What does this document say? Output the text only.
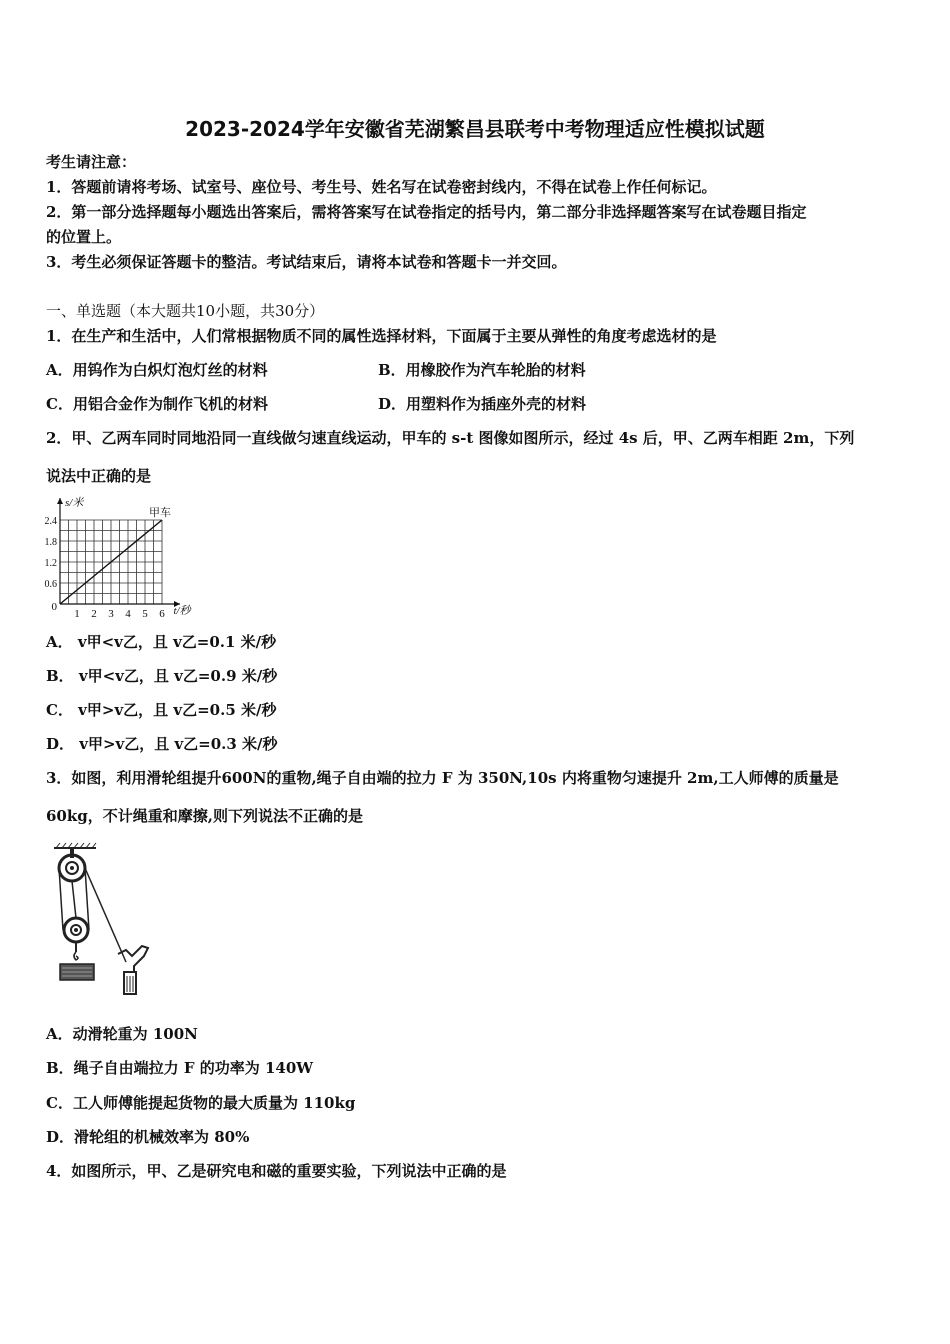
2023-2024学年安徽省芜湖繁昌县联考中考物理适应性模拟试题
考生请注意：
1．答题前请将考场、试室号、座位号、考生号、姓名写在试卷密封线内，不得在试卷上作任何标记。
2．第一部分选择题每小题选出答案后，需将答案写在试卷指定的括号内，第二部分非选择题答案写在试卷题目指定
的位置上。
3．考生必须保证答题卡的整洁。考试结束后，请将本试卷和答题卡一并交回。
一、单选题（本大题共10小题，共30分）
1．在生产和生活中，人们常根据物质不同的属性选择材料，下面属于主要从弹性的角度考虑选材的是
A．用钨作为白炽灯泡灯丝的材料	B．用橡胶作为汽车轮胎的材料
C．用铝合金作为制作飞机的材料	D．用塑料作为插座外壳的材料
2．甲、乙两车同时同地沿同一直线做匀速直线运动，甲车的 s-t 图像如图所示，经过 4s 后，甲、乙两车相距 2m，下列
说法中正确的是
1 2 3 4 5 6
0.6
1.2
1.8
2.4
0	t/秒
s/米
甲车
A． v甲<v乙，且 v乙=0.1 米/秒
B． v甲<v乙，且 v乙=0.9 米/秒
C． v甲>v乙，且 v乙=0.5 米/秒
D． v甲>v乙，且 v乙=0.3 米/秒
3．如图，利用滑轮组提升600N的重物,绳子自由端的拉力 F 为 350N,10s 内将重物匀速提升 2m,工人师傅的质量是
60kg，不计绳重和摩擦,则下列说法不正确的是
A．动滑轮重为 100N
B．绳子自由端拉力 F 的功率为 140W
C．工人师傅能提起货物的最大质量为 110kg
D．滑轮组的机械效率为 80%
4．如图所示，甲、乙是研究电和磁的重要实验，下列说法中正确的是
